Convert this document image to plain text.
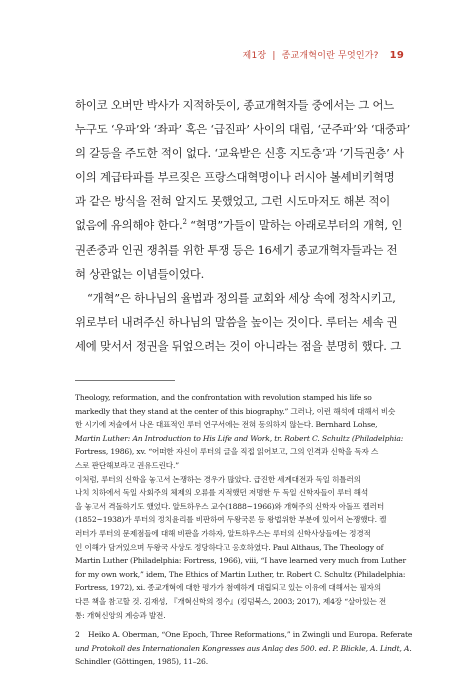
제1장 | 종교개혁이란 무엇인가? 19
하이코 오버만 박사가 지적하듯이, 종교개혁자들 중에서는 그 어느
누구도 ‘우파’와 ‘좌파’ 혹은 ‘급진파’ 사이의 대립, ‘군주파’와 ‘대중파’
의 갈등을 주도한 적이 없다. ‘교육받은 신흥 지도층’과 ‘기득권층’ 사
이의 계급타파를 부르짖은 프랑스대혁명이나 러시아 볼셰비키혁명
과 같은 방식을 전혀 알지도 못했었고, 그런 시도마저도 해본 적이
없음에 유의해야 한다.$^2$ “혁명”가들이 말하는 아래로부터의 개혁, 인
권존중과 인권 쟁취를 위한 투쟁 등은 16세기 종교개혁자들과는 전
혀 상관없는 이념들이었다.
“개혁”은 하나님의 율법과 정의를 교회와 세상 속에 정착시키고,
위로부터 내려주신 하나님의 말씀을 높이는 것이다. 루터는 세속 권
세에 맞서서 정권을 뒤엎으려는 것이 아니라는 점을 분명히 했다. 그
Theology, reformation, and the confrontation with revolution stamped his life so
markedly that they stand at the center of this biography.” 그러나, 이런 해석에 대해서 비슷
한 시기에 저술에서 나온 대표적인 루터 연구서에는 전혀 동의하지 않는다. Bernhard Lohse,
Martin Luther: An Introduction to His Life and Work, tr. Robert C. Schultz (Philadelphia:
Fortress, 1986), xv. “어떠한 자신이 루터의 글을 직접 읽어보고, 그의 인격과 신학을 독자 스
스로 판단해보라고 권유드린다.”
이처럼, 루터의 신학을 놓고서 논쟁하는 경우가 많았다. 급진한 세계대전과 독일 히틀러의
나치 치하에서 독일 사회주의 체제의 오류를 지적했던 저명한 두 독일 신학자들이 루터 해석
을 놓고서 격돌하기도 했었다. 알트하우스 교수(1888~1966)와 개혁주의 신학자 아돌프 켈러터
(1852~1938)가 루터의 정치윤리를 비판하여 두왕국론 등 왕법위한 부분에 있어서 논쟁했다. 켈
러터가 루터의 문제점들에 대해 비판을 가하자, 알트하우스는 루터의 신학사상들에는 정경적
인 이해가 담겨있으며 두왕국 사상도 정당하다고 옹호하였다. Paul Althaus, The Theology of
Martin Luther (Philadelphia: Fortress, 1966), viii, “I have learned very much from Luther
for my own work,” idem, The Ethics of Martin Luther, tr. Robert C. Schultz (Philadelphia:
Fortress, 1972), xi. 종교개혁에 대한 평가가 첨예하게 대립되고 있는 이유에 대해서는 필자의
다른 책을 참고할 것. 김재성, 『개혁신학의 정수』(킹덤북스, 2003; 2017), 제4장 “살아있는 전
통: 개혁신앙의 계승과 발전.
2 Heiko A. Oberman, “One Epoch, Three Reformations,” in Zwingli und Europa. Referate
und Protokoll des Internationalen Kongresses aus Anlaç des 500. ed. P. Blickle, A. Lindt, A.
Schindler (Göttingen, 1985), 11–26.
